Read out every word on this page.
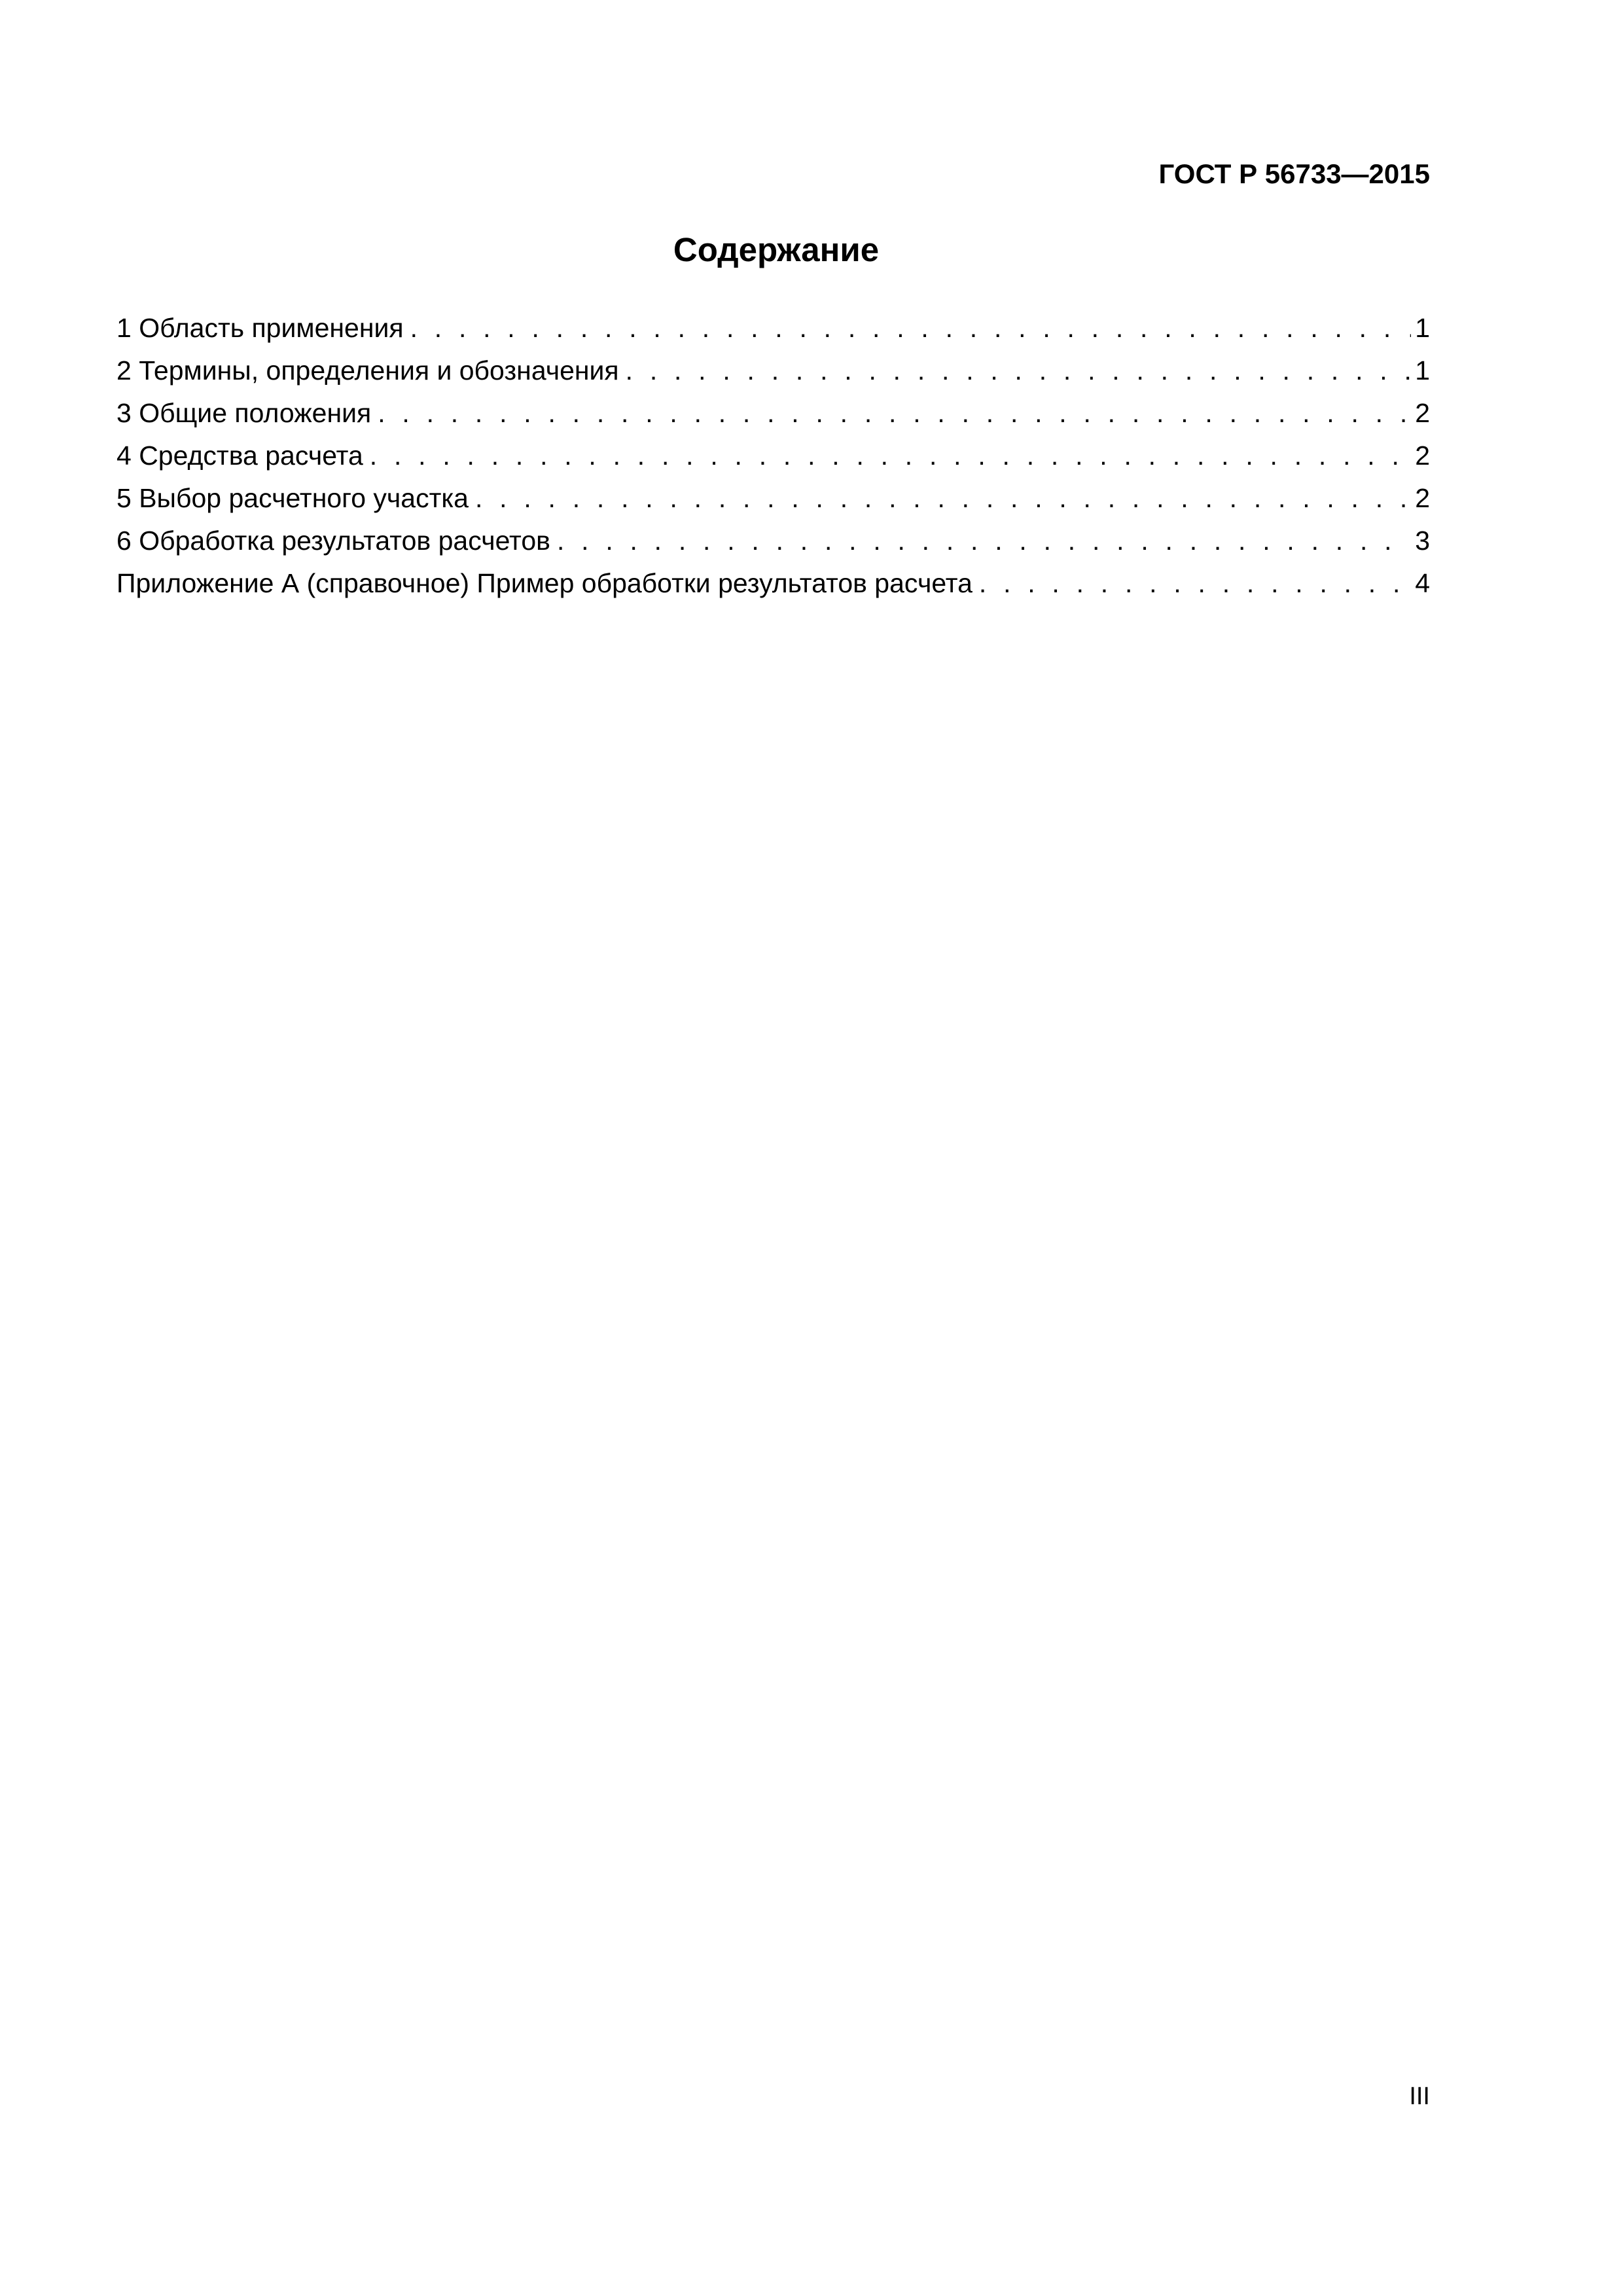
ГОСТ Р 56733—2015
Содержание
1 Область применения . . .	1
2 Термины, определения и обозначения . . .	1
3 Общие положения . . .	2
4 Средства расчета . . .	2
5 Выбор расчетного участка . . .	2
6 Обработка результатов расчетов . . .	3
Приложение А (справочное) Пример обработки результатов расчета . . .	4
III
